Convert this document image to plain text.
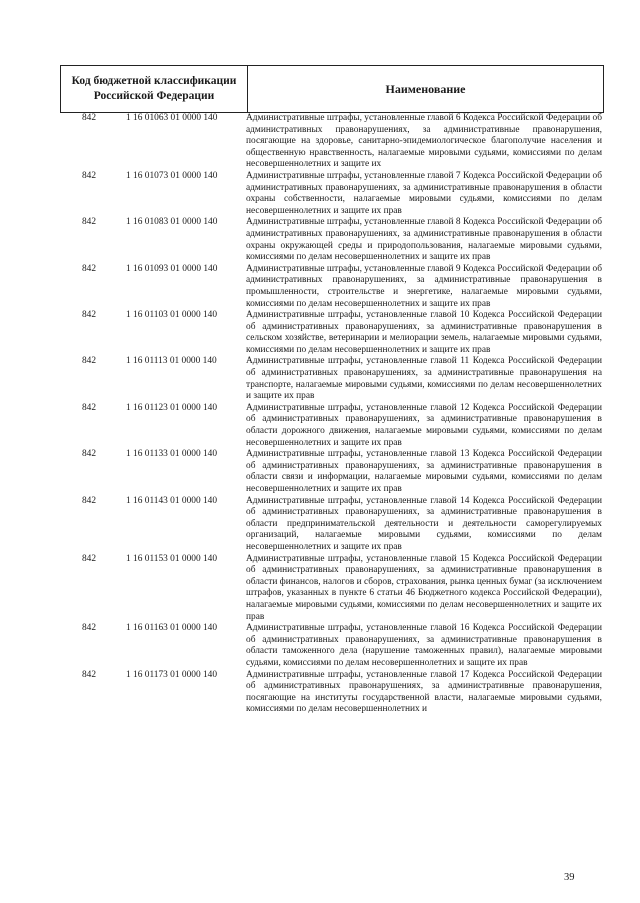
Код бюджетной классификации
Российской Федерации
Наименование
842	1 16 01063 01 0000 140	Административные штрафы, установленные главой 6 Кодекса Российской Федерации об административных правонарушениях, за административные правонарушения, посягающие на здоровье, санитарно-эпидемиологическое благополучие населения и общественную нравственность, налагаемые мировыми судьями, комиссиями по делам несовершеннолетних и защите их
842	1 16 01073 01 0000 140	Административные штрафы, установленные главой 7 Кодекса Российской Федерации об административных правонарушениях, за административные правонарушения в области охраны собственности, налагаемые мировыми судьями, комиссиями по делам несовершеннолетних и защите их прав
842	1 16 01083 01 0000 140	Административные штрафы, установленные главой 8 Кодекса Российской Федерации об административных правонарушениях, за административные правонарушения в области охраны окружающей среды и природопользования, налагаемые мировыми судьями, комиссиями по делам несовершеннолетних и защите их прав
842	1 16 01093 01 0000 140	Административные штрафы, установленные главой 9 Кодекса Российской Федерации об административных правонарушениях, за административные правонарушения в промышленности, строительстве и энергетике, налагаемые мировыми судьями, комиссиями по делам несовершеннолетних и защите их прав
842	1 16 01103 01 0000 140	Административные штрафы, установленные главой 10 Кодекса Российской Федерации об административных правонарушениях, за административные правонарушения в сельском хозяйстве, ветеринарии и мелиорации земель, налагаемые мировыми судьями, комиссиями по делам несовершеннолетних и защите их прав
842	1 16 01113 01 0000 140	Административные штрафы, установленные главой 11 Кодекса Российской Федерации об административных правонарушениях, за административные правонарушения на транспорте, налагаемые мировыми судьями, комиссиями по делам несовершеннолетних и защите их прав
842	1 16 01123 01 0000 140	Административные штрафы, установленные главой 12 Кодекса Российской Федерации об административных правонарушениях, за административные правонарушения в области дорожного движения, налагаемые мировыми судьями, комиссиями по делам несовершеннолетних и защите их прав
842	1 16 01133 01 0000 140	Административные штрафы, установленные главой 13 Кодекса Российской Федерации об административных правонарушениях, за административные правонарушения в области связи и информации, налагаемые мировыми судьями, комиссиями по делам несовершеннолетних и защите их прав
842	1 16 01143 01 0000 140	Административные штрафы, установленные главой 14 Кодекса Российской Федерации об административных правонарушениях, за административные правонарушения в области предпринимательской деятельности и деятельности саморегулируемых организаций, налагаемые мировыми судьями, комиссиями по делам несовершеннолетних и защите их прав
842	1 16 01153 01 0000 140	Административные штрафы, установленные главой 15 Кодекса Российской Федерации об административных правонарушениях, за административные правонарушения в области финансов, налогов и сборов, страхования, рынка ценных бумаг (за исключением штрафов, указанных в пункте 6 статьи 46 Бюджетного кодекса Российской Федерации), налагаемые мировыми судьями, комиссиями по делам несовершеннолетних и защите их прав
842	1 16 01163 01 0000 140	Административные штрафы, установленные главой 16 Кодекса Российской Федерации об административных правонарушениях, за административные правонарушения в области таможенного дела (нарушение таможенных правил), налагаемые мировыми судьями, комиссиями по делам несовершеннолетних и защите их прав
842	1 16 01173 01 0000 140	Административные штрафы, установленные главой 17 Кодекса Российской Федерации об административных правонарушениях, за административные правонарушения, посягающие на институты государственной власти, налагаемые мировыми судьями, комиссиями по делам несовершеннолетних и
39
